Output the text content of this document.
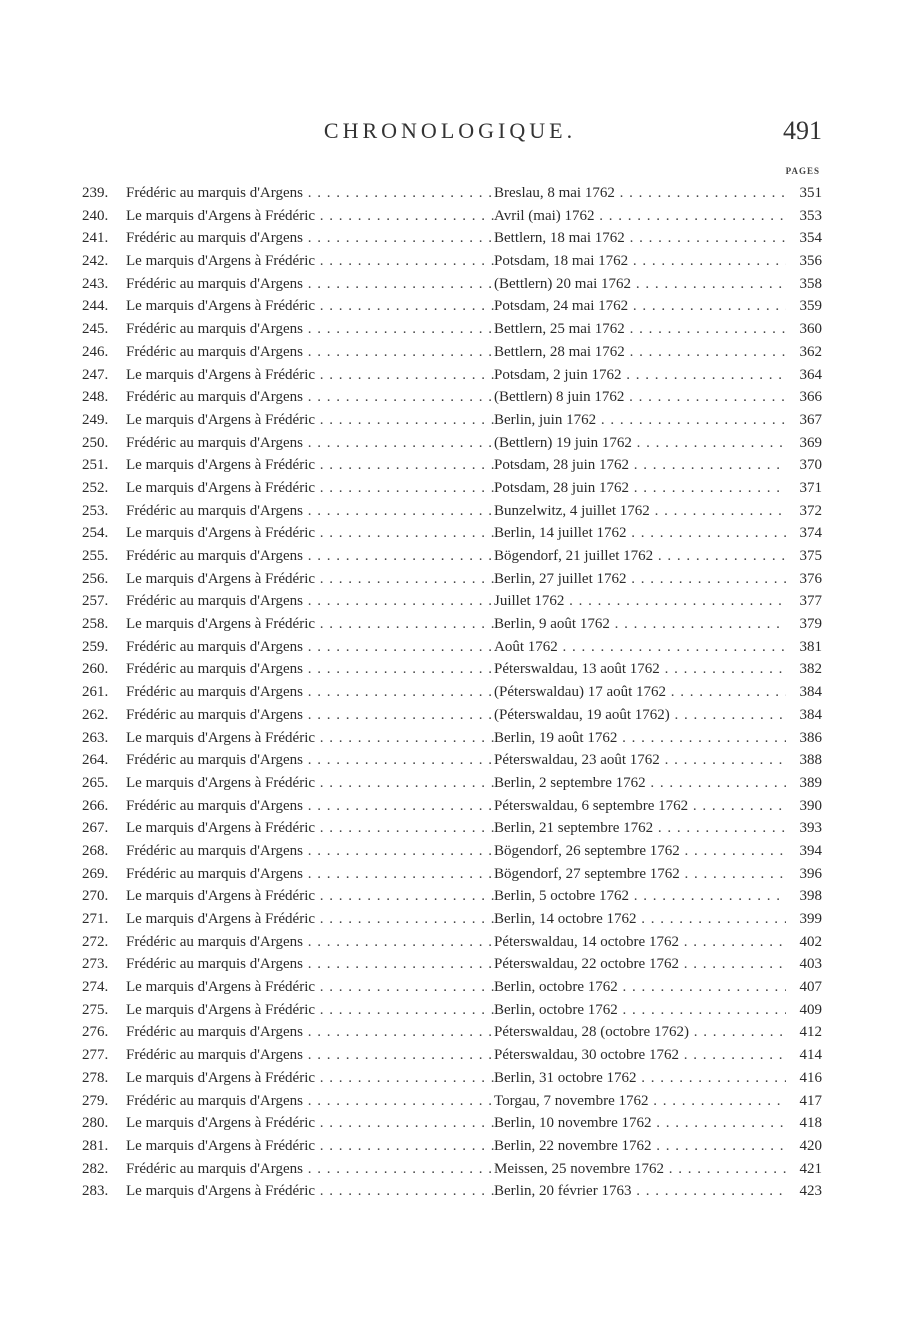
CHRONOLOGIQUE.	491
PAGES
239.	Frédéric au marquis d'Argens . . .	Breslau, 8 mai 1762 . . .	351
240.	Le marquis d'Argens à Frédéric . . .	Avril (mai) 1762 . . .	353
241.	Frédéric au marquis d'Argens . . .	Bettlern, 18 mai 1762 . . .	354
242.	Le marquis d'Argens à Frédéric . . .	Potsdam, 18 mai 1762 . . .	356
243.	Frédéric au marquis d'Argens . . .	(Bettlern) 20 mai 1762 . . .	358
244.	Le marquis d'Argens à Frédéric . . .	Potsdam, 24 mai 1762 . . .	359
245.	Frédéric au marquis d'Argens . . .	Bettlern, 25 mai 1762 . . .	360
246.	Frédéric au marquis d'Argens . . .	Bettlern, 28 mai 1762 . . .	362
247.	Le marquis d'Argens à Frédéric . . .	Potsdam, 2 juin 1762 . . .	364
248.	Frédéric au marquis d'Argens . . .	(Bettlern) 8 juin 1762 . . .	366
249.	Le marquis d'Argens à Frédéric . . .	Berlin, juin 1762 . . .	367
250.	Frédéric au marquis d'Argens . . .	(Bettlern) 19 juin 1762 . . .	369
251.	Le marquis d'Argens à Frédéric . . .	Potsdam, 28 juin 1762 . . .	370
252.	Le marquis d'Argens à Frédéric . . .	Potsdam, 28 juin 1762 . . .	371
253.	Frédéric au marquis d'Argens . . .	Bunzelwitz, 4 juillet 1762 . . .	372
254.	Le marquis d'Argens à Frédéric . . .	Berlin, 14 juillet 1762 . . .	374
255.	Frédéric au marquis d'Argens . . .	Bögendorf, 21 juillet 1762 . . .	375
256.	Le marquis d'Argens à Frédéric . . .	Berlin, 27 juillet 1762 . . .	376
257.	Frédéric au marquis d'Argens . . .	Juillet 1762 . . .	377
258.	Le marquis d'Argens à Frédéric . . .	Berlin, 9 août 1762 . . .	379
259.	Frédéric au marquis d'Argens . . .	Août 1762 . . .	381
260.	Frédéric au marquis d'Argens . . .	Péterswaldau, 13 août 1762 . . .	382
261.	Frédéric au marquis d'Argens . . .	(Péterswaldau) 17 août 1762 . . .	384
262.	Frédéric au marquis d'Argens . . .	(Péterswaldau, 19 août 1762) . . .	384
263.	Le marquis d'Argens à Frédéric . . .	Berlin, 19 août 1762 . . .	386
264.	Frédéric au marquis d'Argens . . .	Péterswaldau, 23 août 1762 . . .	388
265.	Le marquis d'Argens à Frédéric . . .	Berlin, 2 septembre 1762 . . .	389
266.	Frédéric au marquis d'Argens . . .	Péterswaldau, 6 septembre 1762 . . .	390
267.	Le marquis d'Argens à Frédéric . . .	Berlin, 21 septembre 1762 . . .	393
268.	Frédéric au marquis d'Argens . . .	Bögendorf, 26 septembre 1762 . . .	394
269.	Frédéric au marquis d'Argens . . .	Bögendorf, 27 septembre 1762 . . .	396
270.	Le marquis d'Argens à Frédéric . . .	Berlin, 5 octobre 1762 . . .	398
271.	Le marquis d'Argens à Frédéric . . .	Berlin, 14 octobre 1762 . . .	399
272.	Frédéric au marquis d'Argens . . .	Péterswaldau, 14 octobre 1762 . . .	402
273.	Frédéric au marquis d'Argens . . .	Péterswaldau, 22 octobre 1762 . . .	403
274.	Le marquis d'Argens à Frédéric . . .	Berlin, octobre 1762 . . .	407
275.	Le marquis d'Argens à Frédéric . . .	Berlin, octobre 1762 . . .	409
276.	Frédéric au marquis d'Argens . . .	Péterswaldau, 28 (octobre 1762) . . .	412
277.	Frédéric au marquis d'Argens . . .	Péterswaldau, 30 octobre 1762 . . .	414
278.	Le marquis d'Argens à Frédéric . . .	Berlin, 31 octobre 1762 . . .	416
279.	Frédéric au marquis d'Argens . . .	Torgau, 7 novembre 1762 . . .	417
280.	Le marquis d'Argens à Frédéric . . .	Berlin, 10 novembre 1762 . . .	418
281.	Le marquis d'Argens à Frédéric . . .	Berlin, 22 novembre 1762 . . .	420
282.	Frédéric au marquis d'Argens . . .	Meissen, 25 novembre 1762 . . .	421
283.	Le marquis d'Argens à Frédéric . . .	Berlin, 20 février 1763 . . .	423
